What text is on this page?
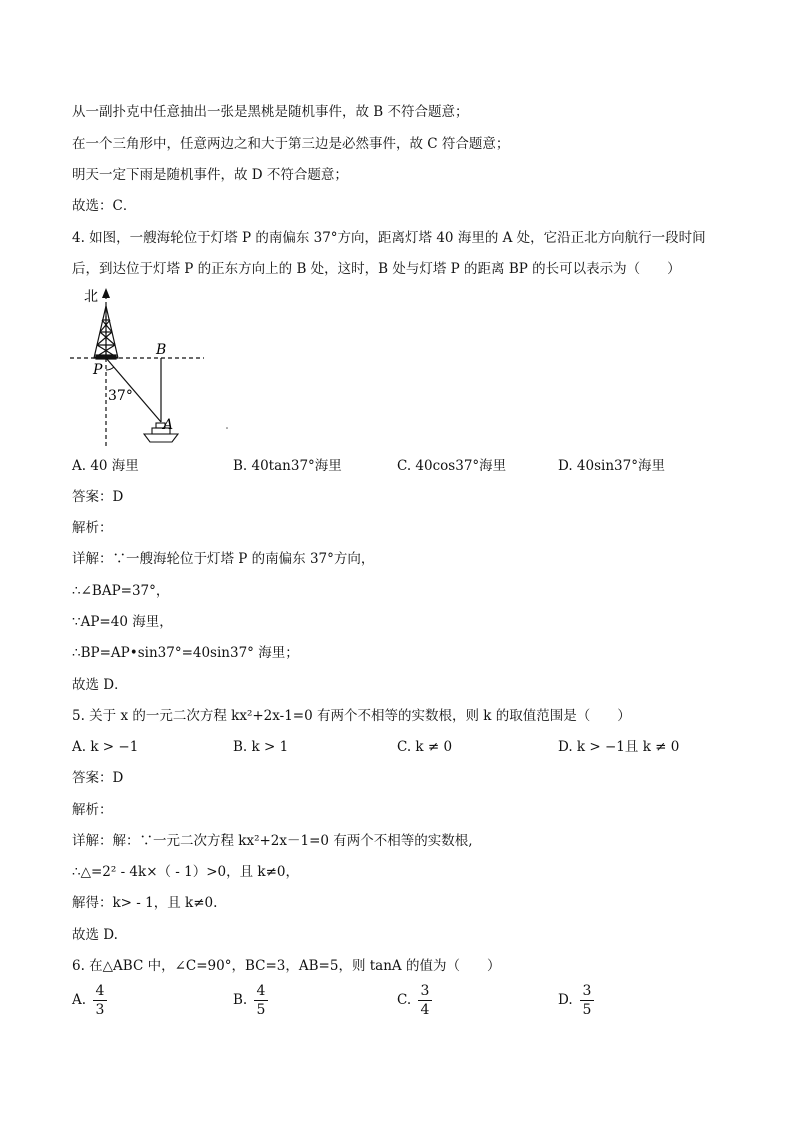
从一副扑克中任意抽出一张是黑桃是随机事件，故 B 不符合题意；
在一个三角形中，任意两边之和大于第三边是必然事件，故 C 符合题意；
明天一定下雨是随机事件，故 D 不符合题意；
故选：C．
4. 如图，一艘海轮位于灯塔 P 的南偏东 37°方向，距离灯塔 40 海里的 A 处，它沿正北方向航行一段时间
后，到达位于灯塔 P 的正东方向上的 B 处，这时，B 处与灯塔 P 的距离 BP 的长可以表示为（　　）
北
B
P
A
37°
A. 40 海里	B. 40tan37°海里	C. 40cos37°海里	D. 40sin37°海里
答案：D
解析：
详解：∵一艘海轮位于灯塔 P 的南偏东 37°方向，
∴∠BAP=37°，
∵AP=40 海里，
∴BP=AP•sin37°=40sin37° 海里；
故选 D．
5. 关于 x 的一元二次方程 kx²+2x-1=0 有两个不相等的实数根，则 k 的取值范围是（　　）
A. k > −1	B. k > 1	C. k ≠ 0	D. k > −1且 k ≠ 0
答案：D
解析：
详解：解：∵一元二次方程 kx²+2x－1=0 有两个不相等的实数根,
∴△=2² - 4k×（ - 1）>0，且 k≠0，
解得：k> - 1，且 k≠0.
故选 D.
6. 在△ABC 中，∠C=90°，BC=3，AB=5，则 tanA 的值为（　　）
A.
4
3
B.
4
5
C.
3
4
D.
3
5
